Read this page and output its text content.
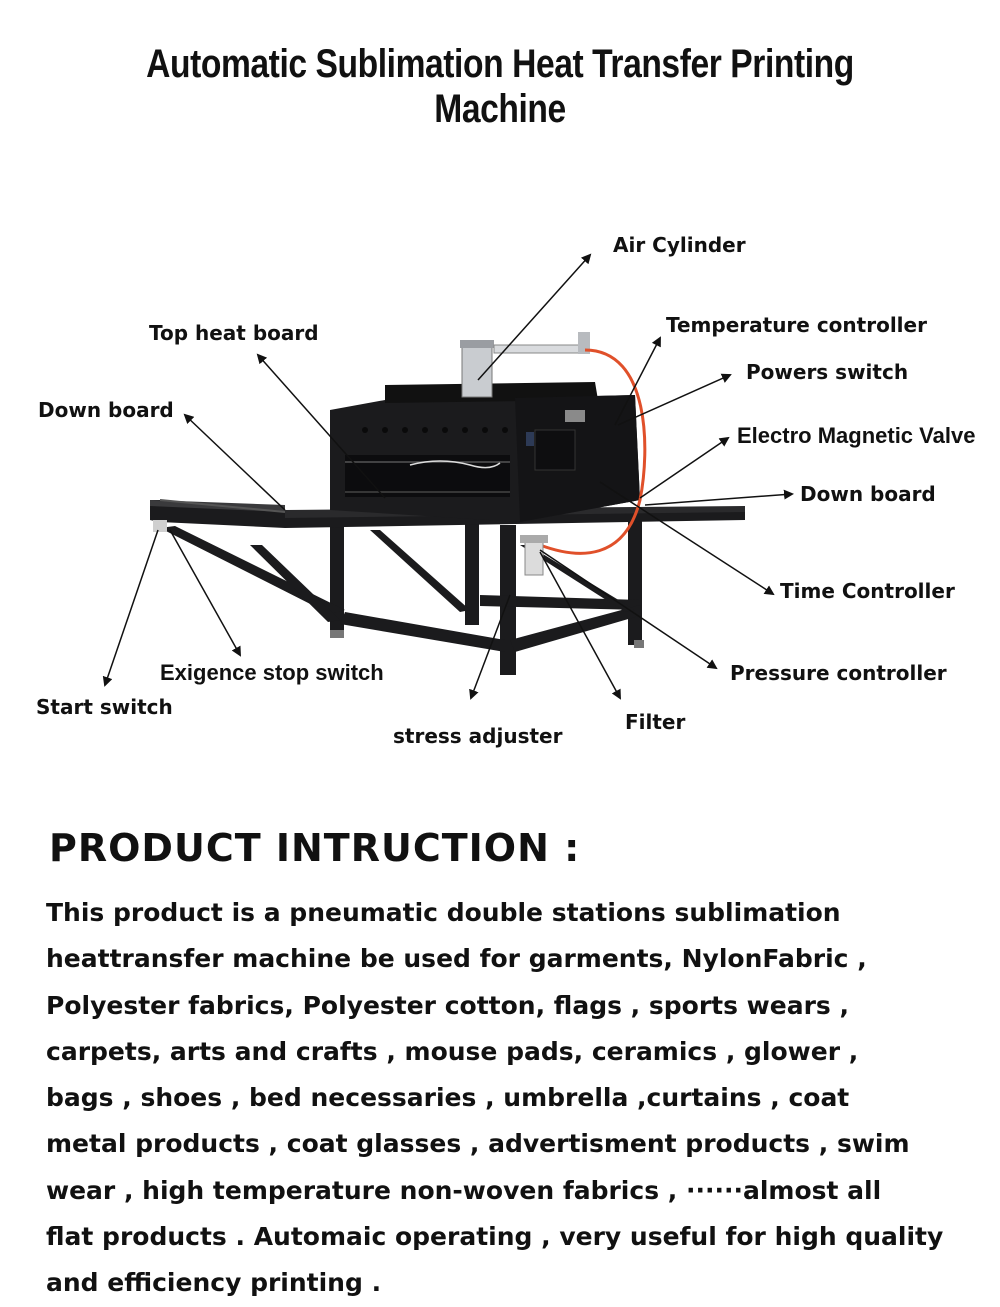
Automatic Sublimation Heat Transfer Printing Machine
Air Cylinder
Top heat board	Temperature controller
Powers switch
Down board
Electro Magnetic Valve
Down board
Time Controller
Exigence stop switch	Pressure controller
Start switch
Filter
stress adjuster
PRODUCT INTRUCTION :
This product is a pneumatic double stations sublimation
heattransfer machine be used for garments, NylonFabric ,
Polyester fabrics, Polyester cotton, flags , sports wears ,
carpets, arts and crafts , mouse pads, ceramics , glower ,
bags , shoes , bed necessaries , umbrella ,curtains , coat
metal products , coat glasses , advertisment products , swim
wear , high temperature non-woven fabrics , ······almost all
flat products . Automaic operating , very useful for high quality
and efficiency printing .
